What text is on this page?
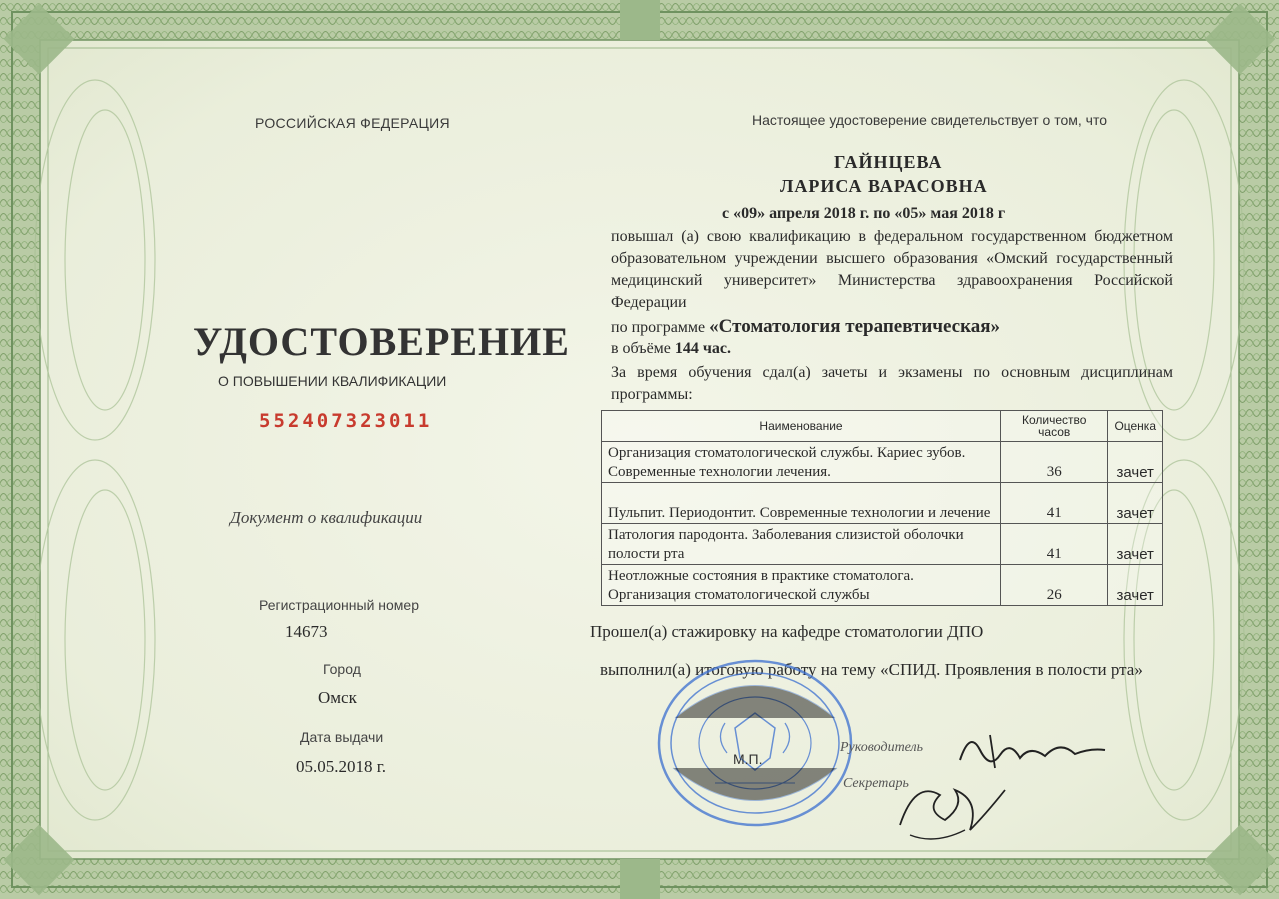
РОССИЙСКАЯ ФЕДЕРАЦИЯ
УДОСТОВЕРЕНИЕ
О ПОВЫШЕНИИ КВАЛИФИКАЦИИ
552407323011
Документ о квалификации
Регистрационный номер
14673
Город
Омск
Дата выдачи
05.05.2018 г.
Настоящее удостоверение свидетельствует о том, что
ГАЙНЦЕВА
ЛАРИСА ВАРАСОВНА
с «09» апреля 2018 г. по «05» мая 2018 г
повышал (а) свою квалификацию в федеральном государственном бюджетном образовательном учреждении высшего образования «Омский государственный медицинский университет» Министерства здравоохранения Российской Федерации
по программе «Стоматология терапевтическая»
в объёме 144 час.
За время обучения сдал(а) зачеты и экзамены по основным дисциплинам программы:
Наименование	Количество часов	Оценка
Организация стоматологической службы. Кариес зубов. Современные технологии лечения.	36	зачет
Пульпит. Периодонтит. Современные технологии и лечение	41	зачет
Патология пародонта. Заболевания слизистой оболочки полости рта	41	зачет
Неотложные состояния в практике стоматолога. Организация стоматологической службы	26	зачет
Прошел(а) стажировку на кафедре стоматологии ДПО
выполнил(а) итоговую работу на тему «СПИД. Проявления в полости рта»
М.П.
Руководитель
Секретарь
